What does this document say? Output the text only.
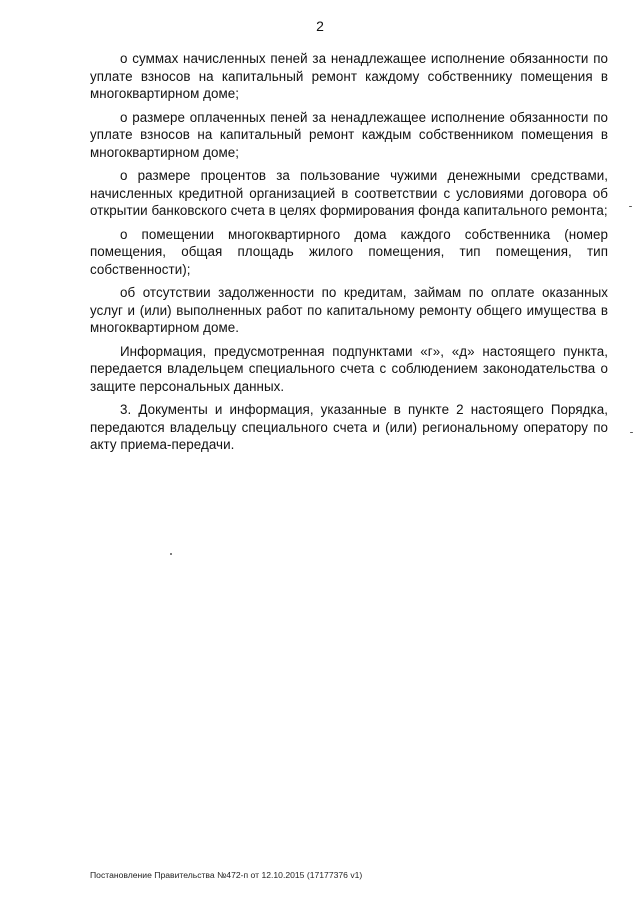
2

о суммах начисленных пеней за ненадлежащее исполнение обязанности по уплате взносов на капитальный ремонт каждому собственнику помещения в многоквартирном доме;

о размере оплаченных пеней за ненадлежащее исполнение обязанности по уплате взносов на капитальный ремонт каждым собственником помещения в многоквартирном доме;

о размере процентов за пользование чужими денежными средствами, начисленных кредитной организацией в соответствии с условиями договора об открытии банковского счета в целях формирования фонда капитального ремонта;

о помещении многоквартирного дома каждого собственника (номер помещения, общая площадь жилого помещения, тип помещения, тип собственности);

об отсутствии задолженности по кредитам, займам по оплате оказанных услуг и (или) выполненных работ по капитальному ремонту общего имущества в многоквартирном доме.

Информация, предусмотренная подпунктами «г», «д» настоящего пункта, передается владельцем специального счета с соблюдением законодательства о защите персональных данных.

3. Документы и информация, указанные в пункте 2 настоящего Порядка, передаются владельцу специального счета и (или) региональному оператору по акту приема-передачи.

Постановление Правительства №472-п от 12.10.2015 (17177376 v1)
